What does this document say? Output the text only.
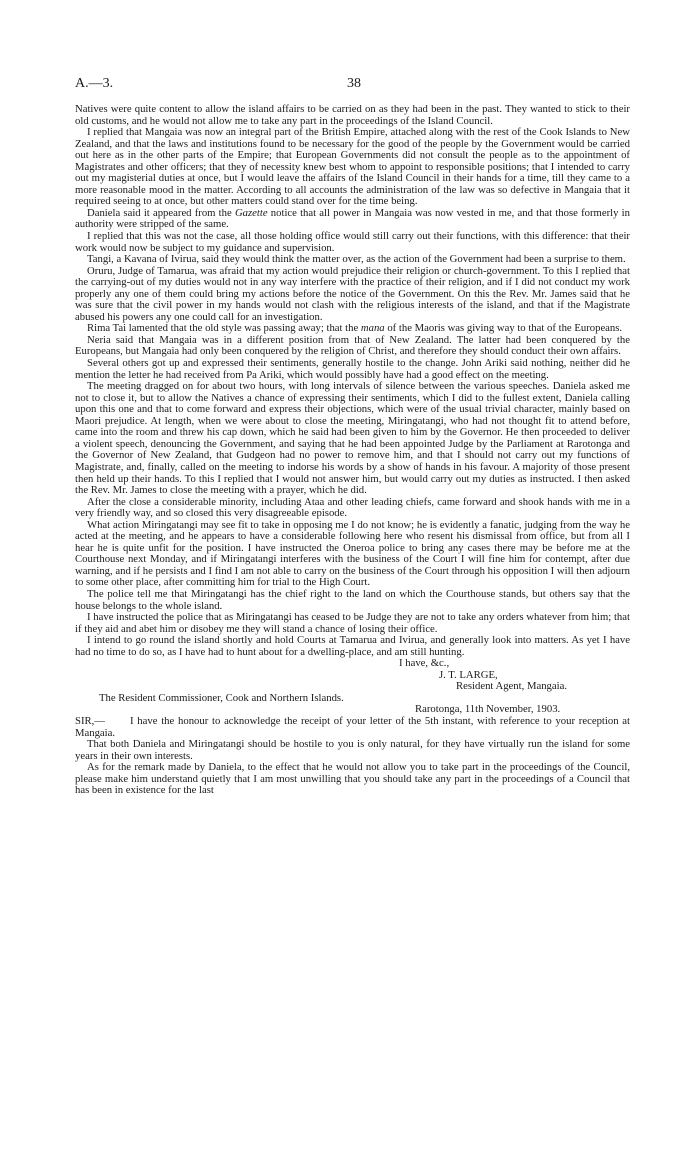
A.—3.	38

Natives were quite content to allow the island affairs to be carried on as they had been in the past. They wanted to stick to their old customs, and he would not allow me to take any part in the proceedings of the Island Council.

I replied that Mangaia was now an integral part of the British Empire, attached along with the rest of the Cook Islands to New Zealand, and that the laws and institutions found to be necessary for the good of the people by the Government would be carried out here as in the other parts of the Empire; that European Governments did not consult the people as to the appointment of Magistrates and other officers; that they of necessity knew best whom to appoint to responsible positions; that I intended to carry out my magisterial duties at once, but I would leave the affairs of the Island Council in their hands for a time, till they came to a more reasonable mood in the matter. According to all accounts the administration of the law was so defective in Mangaia that it required seeing to at once, but other matters could stand over for the time being.

Daniela said it appeared from the Gazette notice that all power in Mangaia was now vested in me, and that those formerly in authority were stripped of the same.

I replied that this was not the case, all those holding office would still carry out their functions, with this difference: that their work would now be subject to my guidance and supervision.

Tangi, a Kavana of Ivirua, said they would think the matter over, as the action of the Government had been a surprise to them.

Oruru, Judge of Tamarua, was afraid that my action would prejudice their religion or church-government. To this I replied that the carrying-out of my duties would not in any way interfere with the practice of their religion, and if I did not conduct my work properly any one of them could bring my actions before the notice of the Government. On this the Rev. Mr. James said that he was sure that the civil power in my hands would not clash with the religious interests of the island, and that if the Magistrate abused his powers any one could call for an investigation.

Rima Tai lamented that the old style was passing away; that the mana of the Maoris was giving way to that of the Europeans.

Neria said that Mangaia was in a different position from that of New Zealand. The latter had been conquered by the Europeans, but Mangaia had only been conquered by the religion of Christ, and therefore they should conduct their own affairs.

Several others got up and expressed their sentiments, generally hostile to the change. John Ariki said nothing, neither did he mention the letter he had received from Pa Ariki, which would possibly have had a good effect on the meeting.

The meeting dragged on for about two hours, with long intervals of silence between the various speeches. Daniela asked me not to close it, but to allow the Natives a chance of expressing their sentiments, which I did to the fullest extent, Daniela calling upon this one and that to come forward and express their objections, which were of the usual trivial character, mainly based on Maori prejudice. At length, when we were about to close the meeting, Miringatangi, who had not thought fit to attend before, came into the room and threw his cap down, which he said had been given to him by the Governor. He then proceeded to deliver a violent speech, denouncing the Government, and saying that he had been appointed Judge by the Parliament at Rarotonga and the Governor of New Zealand, that Gudgeon had no power to remove him, and that I should not carry out my functions of Magistrate, and, finally, called on the meeting to indorse his words by a show of hands in his favour. A majority of those present then held up their hands. To this I replied that I would not answer him, but would carry out my duties as instructed. I then asked the Rev. Mr. James to close the meeting with a prayer, which he did.

After the close a considerable minority, including Ataa and other leading chiefs, came forward and shook hands with me in a very friendly way, and so closed this very disagreeable episode.

What action Miringatangi may see fit to take in opposing me I do not know; he is evidently a fanatic, judging from the way he acted at the meeting, and he appears to have a considerable following here who resent his dismissal from office, but from all I hear he is quite unfit for the position. I have instructed the Oneroa police to bring any cases there may be before me at the Courthouse next Monday, and if Miringatangi interferes with the business of the Court I will fine him for contempt, after due warning, and if he persists and I find I am not able to carry on the business of the Court through his opposition I will then adjourn to some other place, after committing him for trial to the High Court.

The police tell me that Miringatangi has the chief right to the land on which the Courthouse stands, but others say that the house belongs to the whole island.

I have instructed the police that as Miringatangi has ceased to be Judge they are not to take any orders whatever from him; that if they aid and abet him or disobey me they will stand a chance of losing their office.

I intend to go round the island shortly and hold Courts at Tamarua and Ivirua, and generally look into matters. As yet I have had no time to do so, as I have had to hunt about for a dwelling-place, and am still hunting.

I have, &c.,

J. T. LARGE,

Resident Agent, Mangaia.

The Resident Commissioner, Cook and Northern Islands.

Rarotonga, 11th November, 1903.

SIR,— I have the honour to acknowledge the receipt of your letter of the 5th instant, with reference to your reception at Mangaia.

That both Daniela and Miringatangi should be hostile to you is only natural, for they have virtually run the island for some years in their own interests.

As for the remark made by Daniela, to the effect that he would not allow you to take part in the proceedings of the Council, please make him understand quietly that I am most unwilling that you should take any part in the proceedings of a Council that has been in existence for the last
